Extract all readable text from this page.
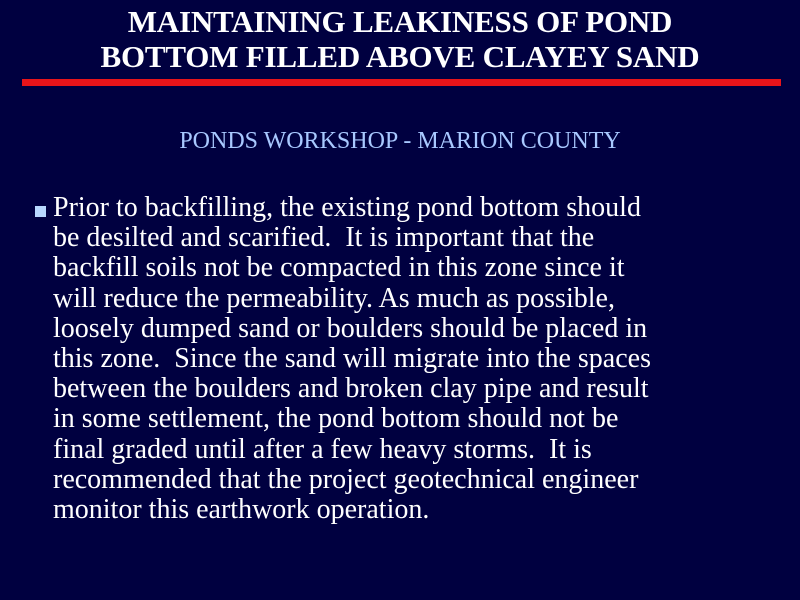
MAINTAINING LEAKINESS OF POND
BOTTOM FILLED ABOVE CLAYEY SAND
PONDS WORKSHOP - MARION COUNTY
Prior to backfilling, the existing pond bottom should
be desilted and scarified.  It is important that the
backfill soils not be compacted in this zone since it
will reduce the permeability. As much as possible,
loosely dumped sand or boulders should be placed in
this zone.  Since the sand will migrate into the spaces
between the boulders and broken clay pipe and result
in some settlement, the pond bottom should not be
final graded until after a few heavy storms.  It is
recommended that the project geotechnical engineer
monitor this earthwork operation.
